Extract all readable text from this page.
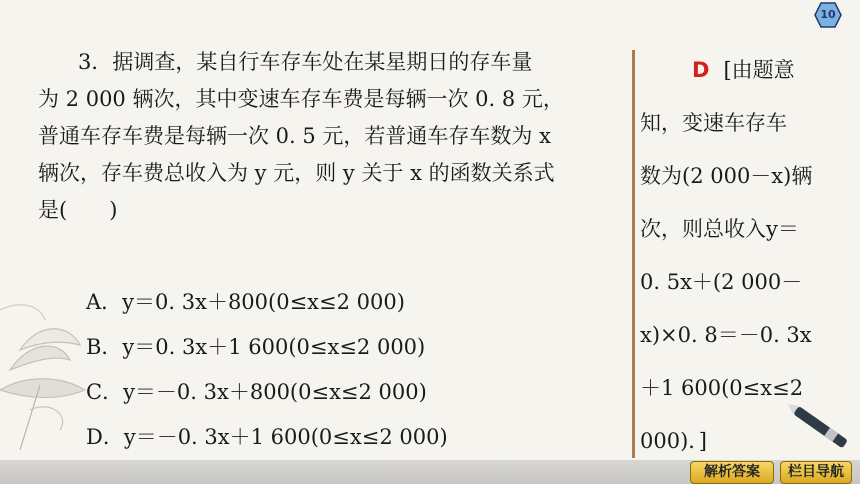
10

3．据调查，某自行车存车处在某星期日的存车量

为 2 000 辆次，其中变速车存车费是每辆一次 0. 8 元，

普通车存车费是每辆一次 0. 5 元，若普通车存车数为 x

辆次，存车费总收入为 y 元，则 y 关于 x 的函数关系式

是(　　)

A．y＝0. 3x＋800(0≤x≤2 000)
B．y＝0. 3x＋1 600(0≤x≤2 000)
C．y＝－0. 3x＋800(0≤x≤2 000)
D．y＝－0. 3x＋1 600(0≤x≤2 000)
D [由题意
知，变速车存车
数为(2 000－x)辆
次，则总收入y＝
0. 5x＋(2 000－
x)×0. 8＝－0. 3x
＋1 600(0≤x≤2
000)．]
解析答案	栏目导航
